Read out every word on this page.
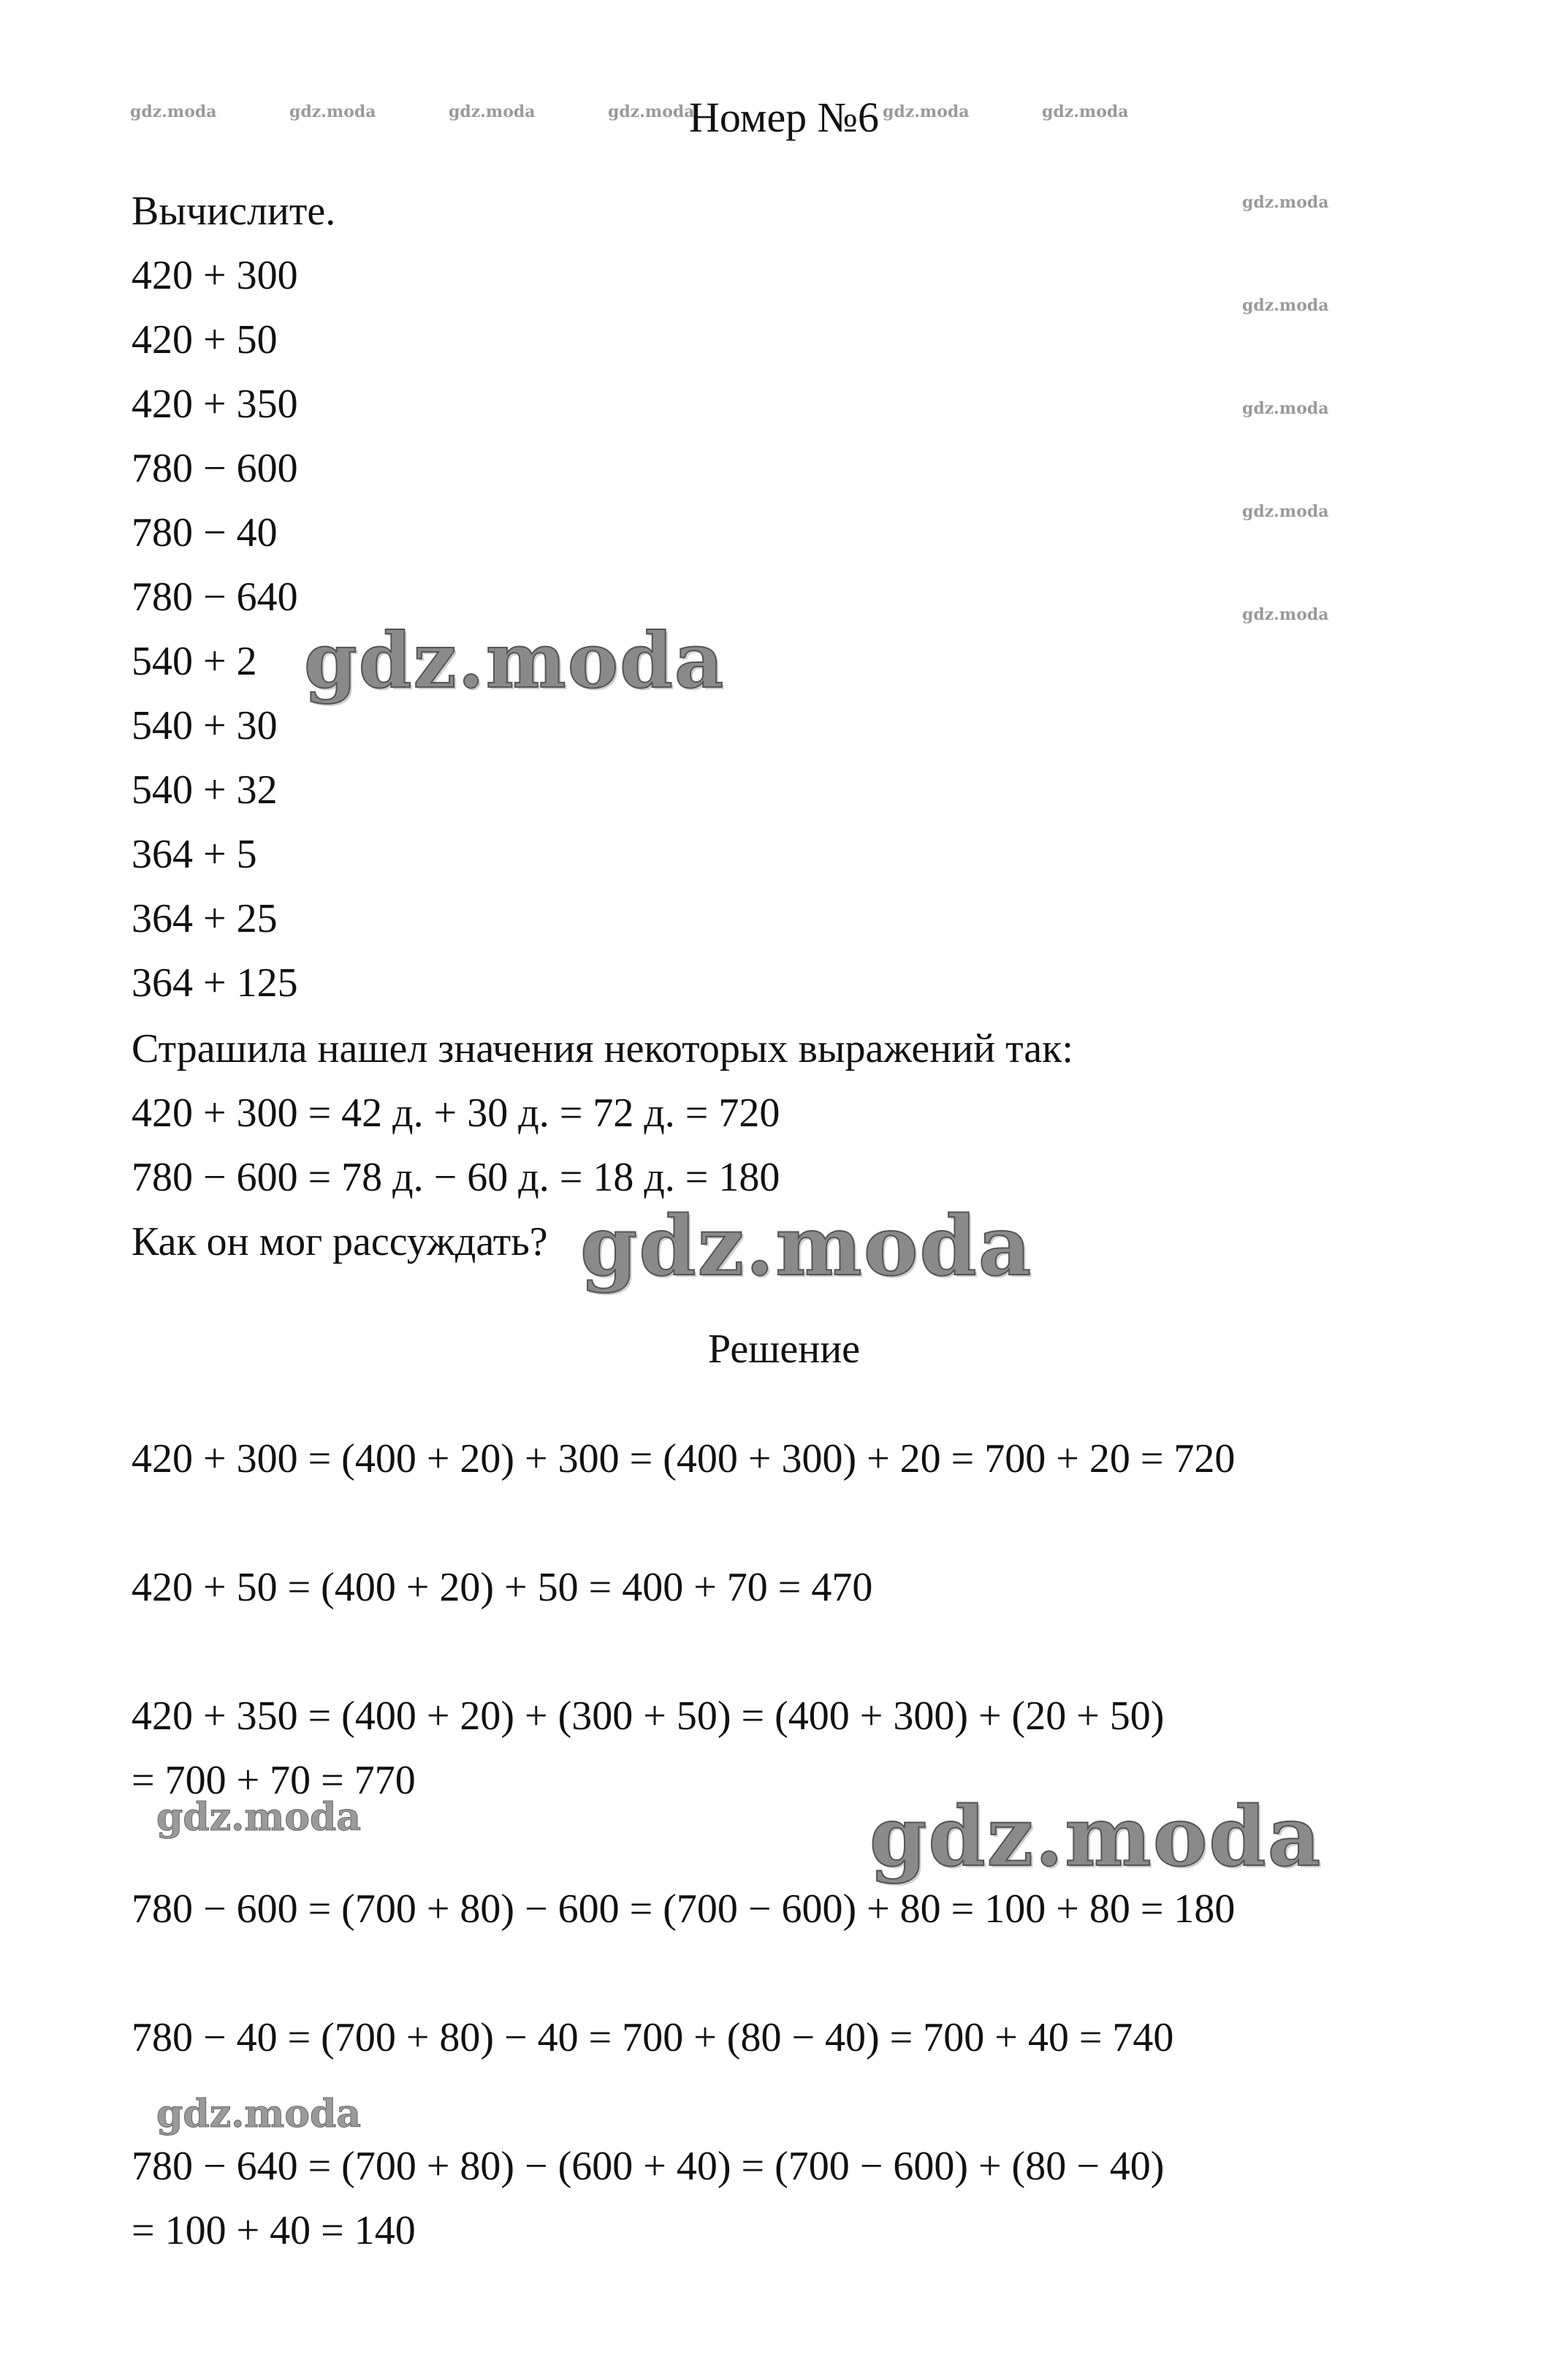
gdz.moda	gdz.moda	gdz.moda	gdz.moda	gdz.moda	gdz.moda
gdz.moda
gdz.moda
gdz.moda
gdz.moda
gdz.moda
Номер №6
Вычислите.
420 + 300
420 + 50
420 + 350
780 − 600
780 − 40
780 − 640
540 + 2
540 + 30
540 + 32
364 + 5
364 + 25
364 + 125
Страшила нашел значения некоторых выражений так:
420 + 300 = 42 д. + 30 д. = 72 д. = 720
780 − 600 = 78 д. − 60 д. = 18 д. = 180
Как он мог рассуждать?
gdz.moda
gdz.moda
gdz.moda
Решение
420 + 300 = (400 + 20) + 300 = (400 + 300) + 20 = 700 + 20 = 720
420 + 50 = (400 + 20) + 50 = 400 + 70 = 470
420 + 350 = (400 + 20) + (300 + 50) = (400 + 300) + (20 + 50)
= 700 + 70 = 770
gdz.moda
780 − 600 = (700 + 80) − 600 = (700 − 600) + 80 = 100 + 80 = 180
780 − 40 = (700 + 80) − 40 = 700 + (80 − 40) = 700 + 40 = 740
gdz.moda
780 − 640 = (700 + 80) − (600 + 40) = (700 − 600) + (80 − 40)
= 100 + 40 = 140
